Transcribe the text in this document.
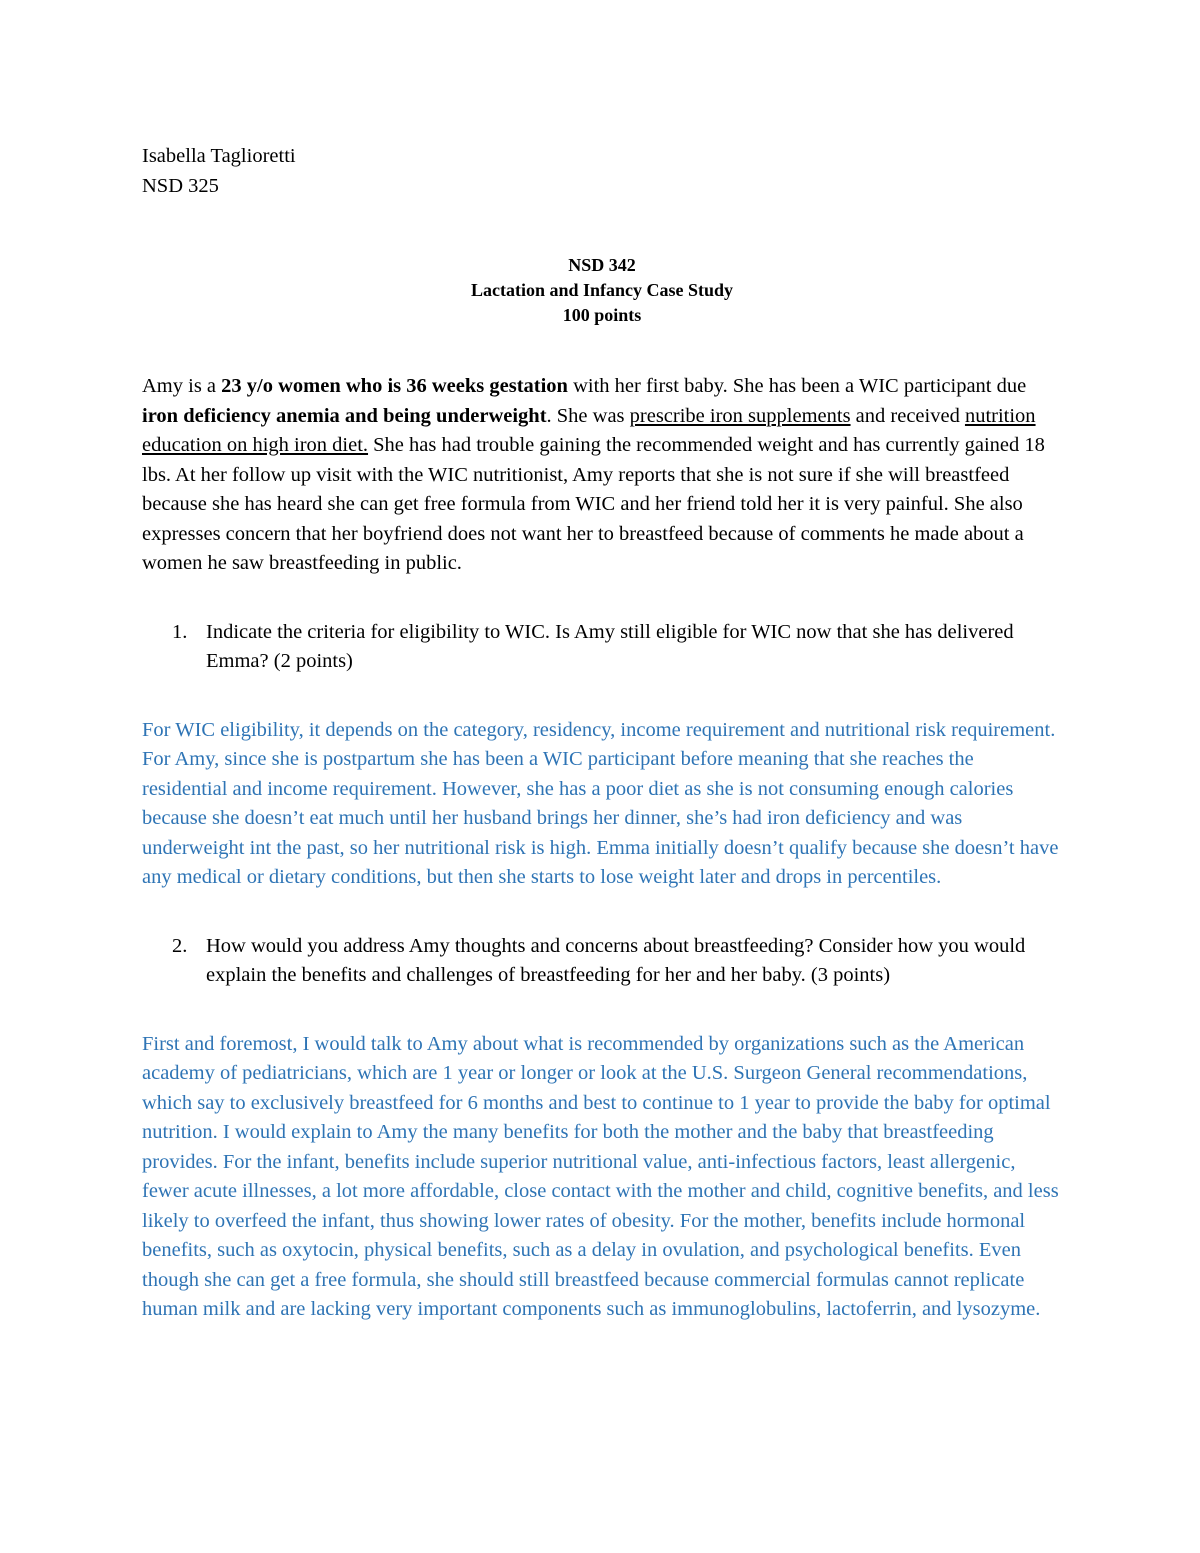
Isabella Taglioretti
NSD 325
NSD 342
Lactation and Infancy Case Study
100 points

Amy is a 23 y/o women who is 36 weeks gestation with her first baby. She has been a WIC participant due iron deficiency anemia and being underweight. She was prescribe iron supplements and received nutrition education on high iron diet. She has had trouble gaining the recommended weight and has currently gained 18 lbs. At her follow up visit with the WIC nutritionist, Amy reports that she is not sure if she will breastfeed because she has heard she can get free formula from WIC and her friend told her it is very painful. She also expresses concern that her boyfriend does not want her to breastfeed because of comments he made about a women he saw breastfeeding in public.

1. Indicate the criteria for eligibility to WIC. Is Amy still eligible for WIC now that she has delivered Emma? (2 points)

For WIC eligibility, it depends on the category, residency, income requirement and nutritional risk requirement. For Amy, since she is postpartum she has been a WIC participant before meaning that she reaches the residential and income requirement. However, she has a poor diet as she is not consuming enough calories because she doesn’t eat much until her husband brings her dinner, she’s had iron deficiency and was underweight int the past, so her nutritional risk is high. Emma initially doesn’t qualify because she doesn’t have any medical or dietary conditions, but then she starts to lose weight later and drops in percentiles.

2. How would you address Amy thoughts and concerns about breastfeeding? Consider how you would explain the benefits and challenges of breastfeeding for her and her baby. (3 points)

First and foremost, I would talk to Amy about what is recommended by organizations such as the American academy of pediatricians, which are 1 year or longer or look at the U.S. Surgeon General recommendations, which say to exclusively breastfeed for 6 months and best to continue to 1 year to provide the baby for optimal nutrition. I would explain to Amy the many benefits for both the mother and the baby that breastfeeding provides. For the infant, benefits include superior nutritional value, anti-infectious factors, least allergenic, fewer acute illnesses, a lot more affordable, close contact with the mother and child, cognitive benefits, and less likely to overfeed the infant, thus showing lower rates of obesity. For the mother, benefits include hormonal benefits, such as oxytocin, physical benefits, such as a delay in ovulation, and psychological benefits. Even though she can get a free formula, she should still breastfeed because commercial formulas cannot replicate human milk and are lacking very important components such as immunoglobulins, lactoferrin, and lysozyme.
